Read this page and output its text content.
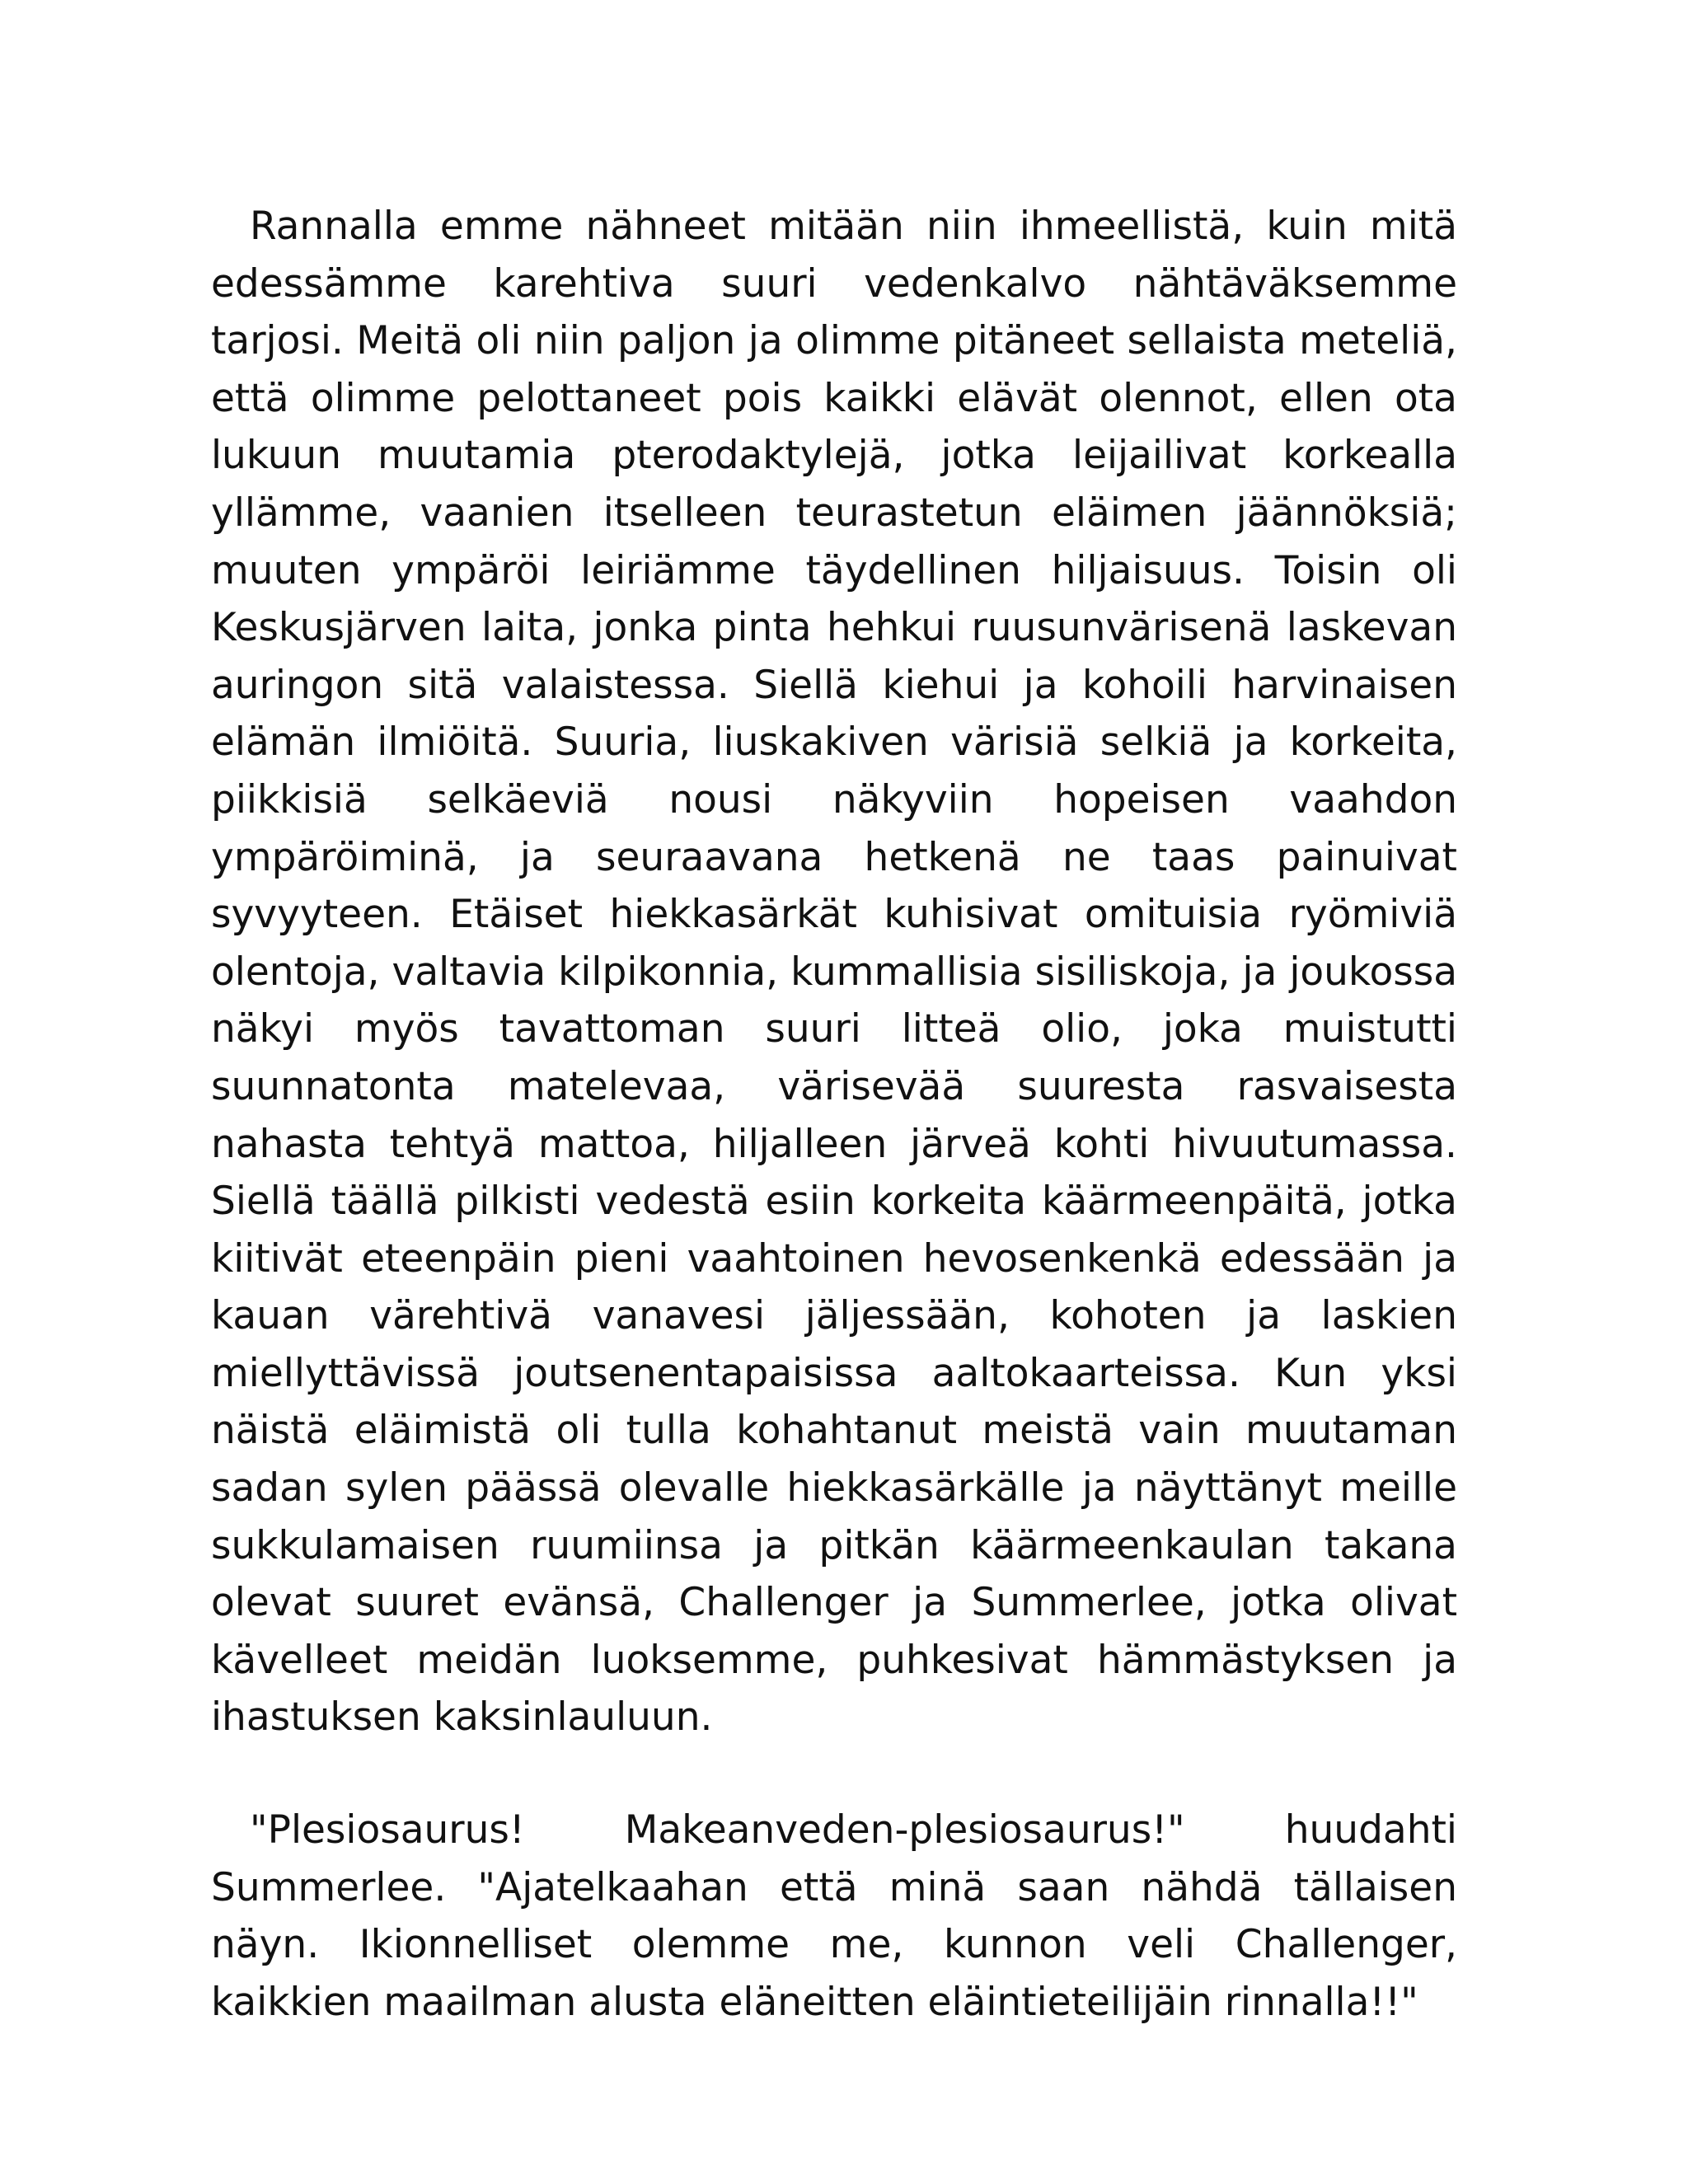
Rannalla emme nähneet mitään niin ihmeellistä, kuin mitä edessämme karehtiva suuri vedenkalvo nähtäväksemme tarjosi. Meitä oli niin paljon ja olimme pitäneet sellaista meteliä, että olimme pelottaneet pois kaikki elävät olennot, ellen ota lukuun muutamia pterodaktylejä, jotka leijailivat korkealla yllämme, vaanien itselleen teurastetun eläimen jäännöksiä; muuten ympäröi leiriämme täydellinen hiljaisuus. Toisin oli Keskusjärven laita, jonka pinta hehkui ruusunvärisenä laskevan auringon sitä valaistessa. Siellä kiehui ja kohoili harvinaisen elämän ilmiöitä. Suuria, liuskakiven värisiä selkiä ja korkeita, piikkisiä selkäeviä nousi näkyviin hopeisen vaahdon ympäröiminä, ja seuraavana hetkenä ne taas painuivat syvyyteen. Etäiset hiekkasärkät kuhisivat omituisia ryömiviä olentoja, valtavia kilpikonnia, kummallisia sisiliskoja, ja joukossa näkyi myös tavattoman suuri litteä olio, joka muistutti suunnatonta matelevaa, värisevää suuresta rasvaisesta nahasta tehtyä mattoa, hiljalleen järveä kohti hivuutumassa. Siellä täällä pilkisti vedestä esiin korkeita käärmeenpäitä, jotka kiitivät eteenpäin pieni vaahtoinen hevosenkenkä edessään ja kauan värehtivä vanavesi jäljessään, kohoten ja laskien miellyttävissä joutsenentapaisissa aaltokaarteissa. Kun yksi näistä eläimistä oli tulla kohahtanut meistä vain muutaman sadan sylen päässä olevalle hiekkasärkälle ja näyttänyt meille sukkulamaisen ruumiinsa ja pitkän käärmeenkaulan takana olevat suuret evänsä, Challenger ja Summerlee, jotka olivat kävelleet meidän luoksemme, puhkesivat hämmästyksen ja ihastuksen kaksinlauluun.

"Plesiosaurus! Makeanveden-plesiosaurus!" huudahti Summerlee. "Ajatelkaahan että minä saan nähdä tällaisen näyn. Ikionnelliset olemme me, kunnon veli Challenger, kaikkien maailman alusta eläneitten eläintieteilijäin rinnalla!!"
